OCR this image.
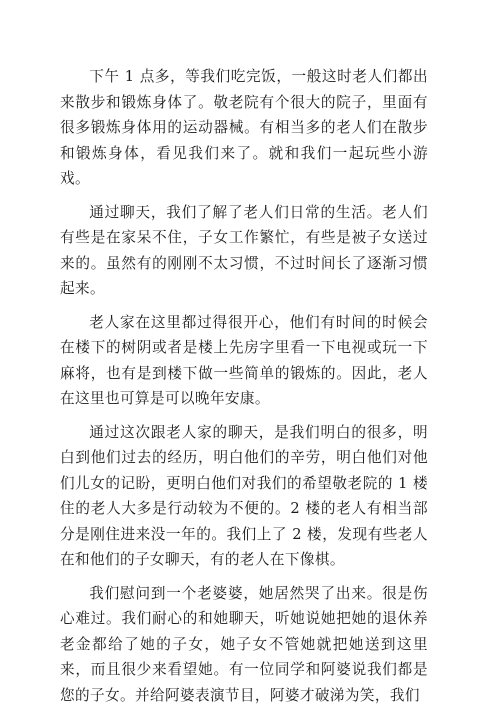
下午 1 点多，等我们吃完饭，一般这时老人们都出来散步和锻炼身体了。敬老院有个很大的院子，里面有很多锻炼身体用的运动器械。有相当多的老人们在散步和锻炼身体，看见我们来了。就和我们一起玩些小游戏。

通过聊天，我们了解了老人们日常的生活。老人们有些是在家呆不住，子女工作繁忙，有些是被子女送过来的。虽然有的刚刚不太习惯，不过时间长了逐渐习惯起来。

老人家在这里都过得很开心，他们有时间的时候会在楼下的树阴或者是楼上先房字里看一下电视或玩一下麻将，也有是到楼下做一些简单的锻炼的。因此，老人在这里也可算是可以晚年安康。

通过这次跟老人家的聊天，是我们明白的很多，明白到他们过去的经历，明白他们的辛劳，明白他们对他们儿女的记盼，更明白他们对我们的希望敬老院的 1 楼住的老人大多是行动较为不便的。2 楼的老人有相当部分是刚住进来没一年的。我们上了 2 楼，发现有些老人在和他们的子女聊天，有的老人在下像棋。

我们慰问到一个老婆婆，她居然哭了出来。很是伤心难过。我们耐心的和她聊天，听她说她把她的退休养老金都给了她的子女，她子女不管她就把她送到这里来，而且很少来看望她。有一位同学和阿婆说我们都是您的子女。并给阿婆表演节目，阿婆才破涕为笑，我们
